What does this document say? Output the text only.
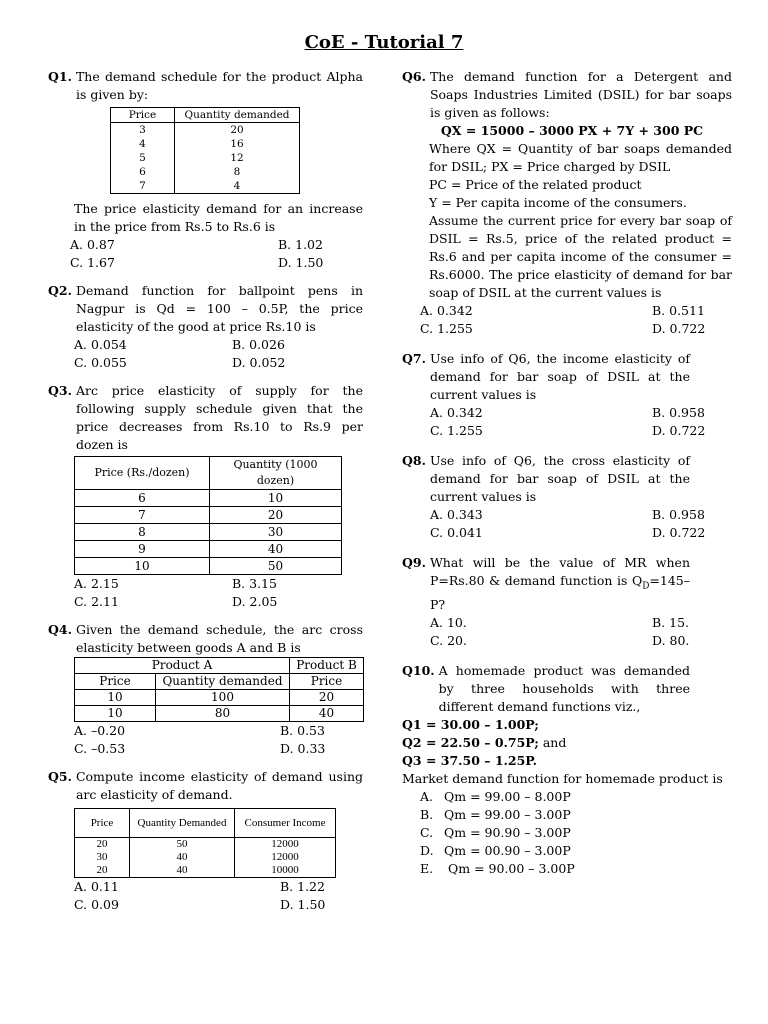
CoE - Tutorial 7
Q1. The demand schedule for the product Alpha is given by:
Price	Quantity demanded
3	20
4	16
5	12
6	8
7	4
The price elasticity demand for an increase in the price from Rs.5 to Rs.6 is
A. 0.87	B. 1.02
C. 1.67	D. 1.50
Q2. Demand function for ballpoint pens in Nagpur is Qd = 100 – 0.5P, the price elasticity of the good at price Rs.10 is
A. 0.054	B. 0.026
C. 0.055	D. 0.052
Q3. Arc price elasticity of supply for the following supply schedule given that the price decreases from Rs.10 to Rs.9 per dozen is
Price (Rs./dozen)	Quantity (1000 dozen)
6	10
7	20
8	30
9	40
10	50
A. 2.15	B. 3.15
C. 2.11	D. 2.05
Q4. Given the demand schedule, the arc cross elasticity between goods A and B is
Product A		Product B
Price	Quantity demanded	Price
10	100	20
10	80	40
A. –0.20	B. 0.53
C. –0.53	D. 0.33
Q5. Compute income elasticity of demand using arc elasticity of demand.
Price	Quantity Demanded	Consumer Income
20	50	12000
30	40	12000
20	40	10000
A. 0.11	B. 1.22
C. 0.09	D. 1.50
Q6. The demand function for a Detergent and Soaps Industries Limited (DSIL) for bar soaps is given as follows:
QX = 15000 – 3000 PX + 7Y + 300 PC
Where QX = Quantity of bar soaps demanded for DSIL; PX = Price charged by DSIL
PC = Price of the related product
Y = Per capita income of the consumers.
Assume the current price for every bar soap of DSIL = Rs.5, price of the related product = Rs.6 and per capita income of the consumer = Rs.6000. The price elasticity of demand for bar soap of DSIL at the current values is
A. 0.342	B. 0.511
C. 1.255	D. 0.722
Q7. Use info of Q6, the income elasticity of demand for bar soap of DSIL at the current values is
A. 0.342	B. 0.958
C. 1.255	D. 0.722
Q8. Use info of Q6, the cross elasticity of demand for bar soap of DSIL at the current values is
A. 0.343	B. 0.958
C. 0.041	D. 0.722
Q9. What will be the value of MR when P=Rs.80 & demand function is $Q_D=145-P$?
A. 10.	B. 15.
C. 20.	D. 80.
Q10. A homemade product was demanded by three households with three different demand functions viz.,
Q1 = 30.00 – 1.00P;
Q2 = 22.50 – 0.75P; and
Q3 = 37.50 – 1.25P.
Market demand function for homemade product is
A. Qm = 99.00 – 8.00P
B. Qm = 99.00 – 3.00P
C. Qm = 90.90 – 3.00P
D. Qm = 00.90 – 3.00P
E.	Qm = 90.00 – 3.00P
